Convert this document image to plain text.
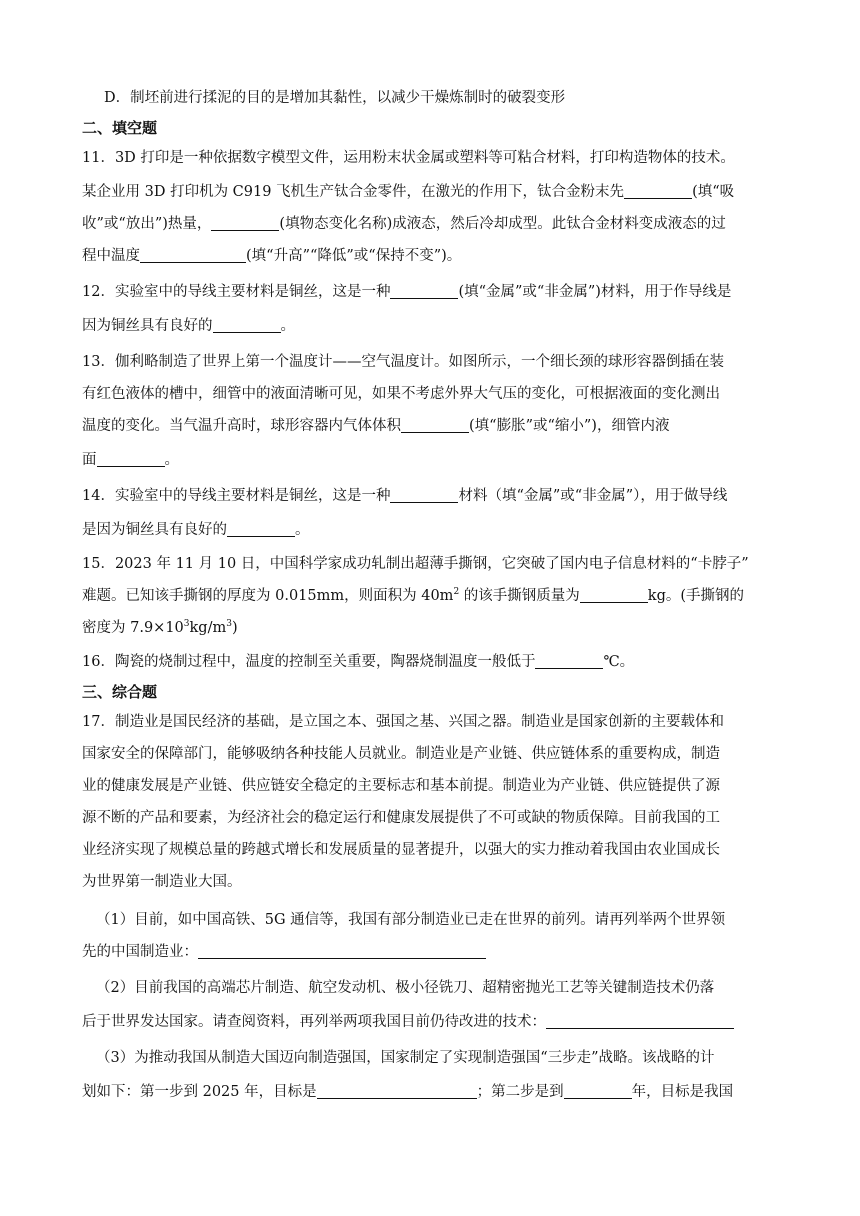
D．制坯前进行揉泥的目的是增加其黏性，以减少干燥炼制时的破裂变形
二、填空题
11．3D 打印是一种依据数字模型文件，运用粉末状金属或塑料等可粘合材料，打印构造物体的技术。
某企业用 3D 打印机为 C919 飞机生产钛合金零件，在激光的作用下，钛合金粉末先	(填“吸
收”或“放出”)热量，	(填物态变化名称)成液态，然后冷却成型。此钛合金材料变成液态的过
程中温度	(填“升高”“降低”或“保持不变”)。
12．实验室中的导线主要材料是铜丝，这是一种	(填“金属”或“非金属”)材料，用于作导线是
因为铜丝具有良好的	。
13．伽利略制造了世界上第一个温度计——空气温度计。如图所示，一个细长颈的球形容器倒插在装
有红色液体的槽中，细管中的液面清晰可见，如果不考虑外界大气压的变化，可根据液面的变化测出
温度的变化。当气温升高时，球形容器内气体体积	(填“膨胀”或“缩小”)，细管内液
面	。
14．实验室中的导线主要材料是铜丝，这是一种	材料（填“金属”或“非金属”），用于做导线
是因为铜丝具有良好的	。
15．2023 年 11 月 10 日，中国科学家成功轧制出超薄手撕钢，它突破了国内电子信息材料的“卡脖子”
难题。已知该手撕钢的厚度为 0.015mm，则面积为 $40m^2$ 的该手撕钢质量为	kg。(手撕钢的
密度为 $7.9\times 10^3kg/m^3$)
16．陶瓷的烧制过程中，温度的控制至关重要，陶器烧制温度一般低于	℃。
三、综合题
17．制造业是国民经济的基础，是立国之本、强国之基、兴国之器。制造业是国家创新的主要载体和
国家安全的保障部门，能够吸纳各种技能人员就业。制造业是产业链、供应链体系的重要构成，制造
业的健康发展是产业链、供应链安全稳定的主要标志和基本前提。制造业为产业链、供应链提供了源
源不断的产品和要素，为经济社会的稳定运行和健康发展提供了不可或缺的物质保障。目前我国的工
业经济实现了规模总量的跨越式增长和发展质量的显著提升，以强大的实力推动着我国由农业国成长
为世界第一制造业大国。
（1）目前，如中国高铁、5G 通信等，我国有部分制造业已走在世界的前列。请再列举两个世界领
先的中国制造业：
（2）目前我国的高端芯片制造、航空发动机、极小径铣刀、超精密抛光工艺等关键制造技术仍落
后于世界发达国家。请查阅资料，再列举两项我国目前仍待改进的技术：
（3）为推动我国从制造大国迈向制造强国，国家制定了实现制造强国“三步走”战略。该战略的计
划如下：第一步到 2025 年，目标是	；第二步是到	年，目标是我国
